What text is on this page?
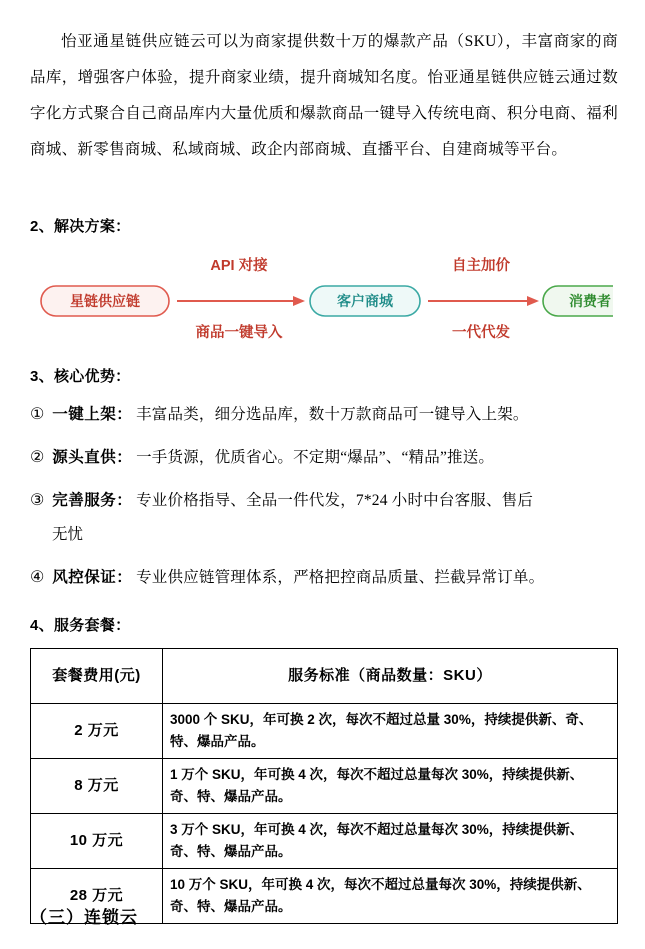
怡亚通星链供应链云可以为商家提供数十万的爆款产品（SKU），丰富商家的商品库，增强客户体验，提升商家业绩，提升商城知名度。怡亚通星链供应链云通过数字化方式聚合自己商品库内大量优质和爆款商品一键导入传统电商、积分电商、福利商城、新零售商城、私域商城、政企内部商城、直播平台、自建商城等平台。

2、解决方案：
星链供应链
API 对接
商品一键导入
客户商城
自主加价
一代代发
消费者
3、核心优势：
① 一键上架： 丰富品类，细分选品库，数十万款商品可一键导入上架。
② 源头直供： 一手货源，优质省心。不定期“爆品”、“精品”推送。
③ 完善服务： 专业价格指导、全品一件代发，7*24 小时中台客服、售后
无忧
④ 风控保证： 专业供应链管理体系，严格把控商品质量、拦截异常订单。
4、服务套餐：
套餐费用(元)	服务标准（商品数量：SKU）
2 万元	3000 个 SKU，年可换 2 次，每次不超过总量 30%，持续提供新、奇、特、爆品产品。
8 万元	1 万个 SKU，年可换 4 次，每次不超过总量每次 30%，持续提供新、奇、特、爆品产品。
10 万元	3 万个 SKU，年可换 4 次，每次不超过总量每次 30%，持续提供新、奇、特、爆品产品。
28 万元	10 万个 SKU，年可换 4 次，每次不超过总量每次 30%，持续提供新、奇、特、爆品产品。
（三）连锁云
